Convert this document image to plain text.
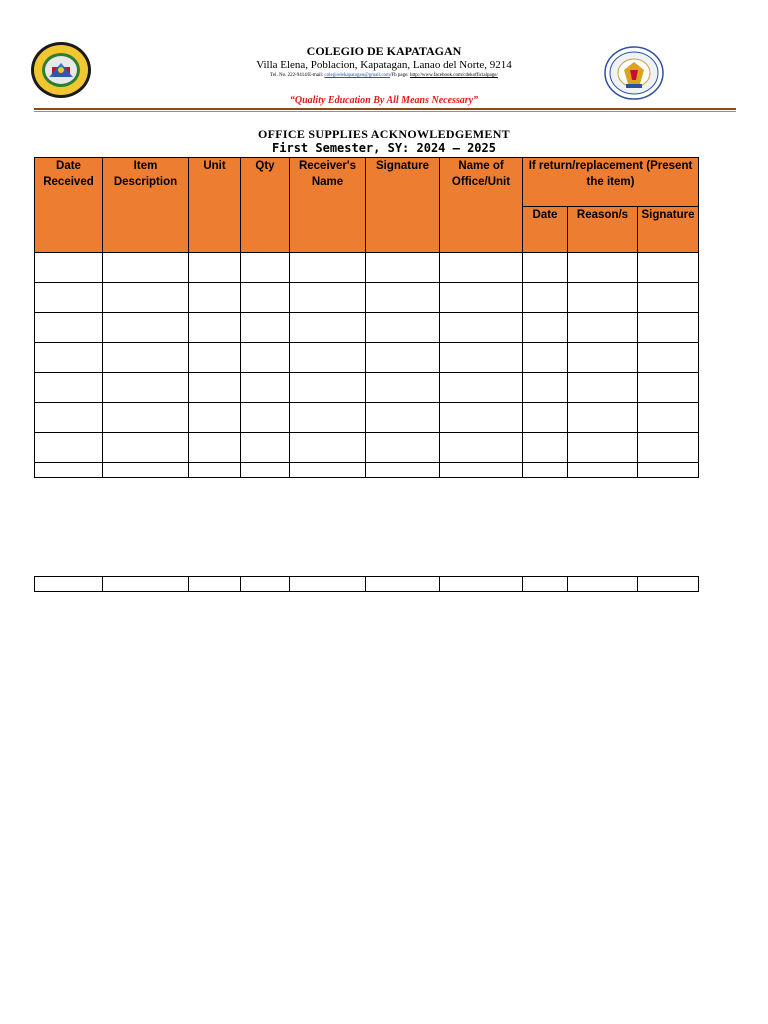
COLEGIO DE KAPATAGAN
Villa Elena, Poblacion, Kapatagan, Lanao del Norte, 9214
Tel. No. 222-9414/E-mail: colegiodekapatagan@gmail.com/Fb page: http://www.facebook.com/cdekofficialpage/
“Quality Education By All Means Necessary”
OFFICE SUPPLIES ACKNOWLEDGEMENT
First Semester, SY: 2024 – 2025
Date Received	Item Description	Unit	Qty	Receiver's Name	Signature	Name of Office/Unit	If return/replacement (Present the item)		
							Date	Reason/s	Signature
